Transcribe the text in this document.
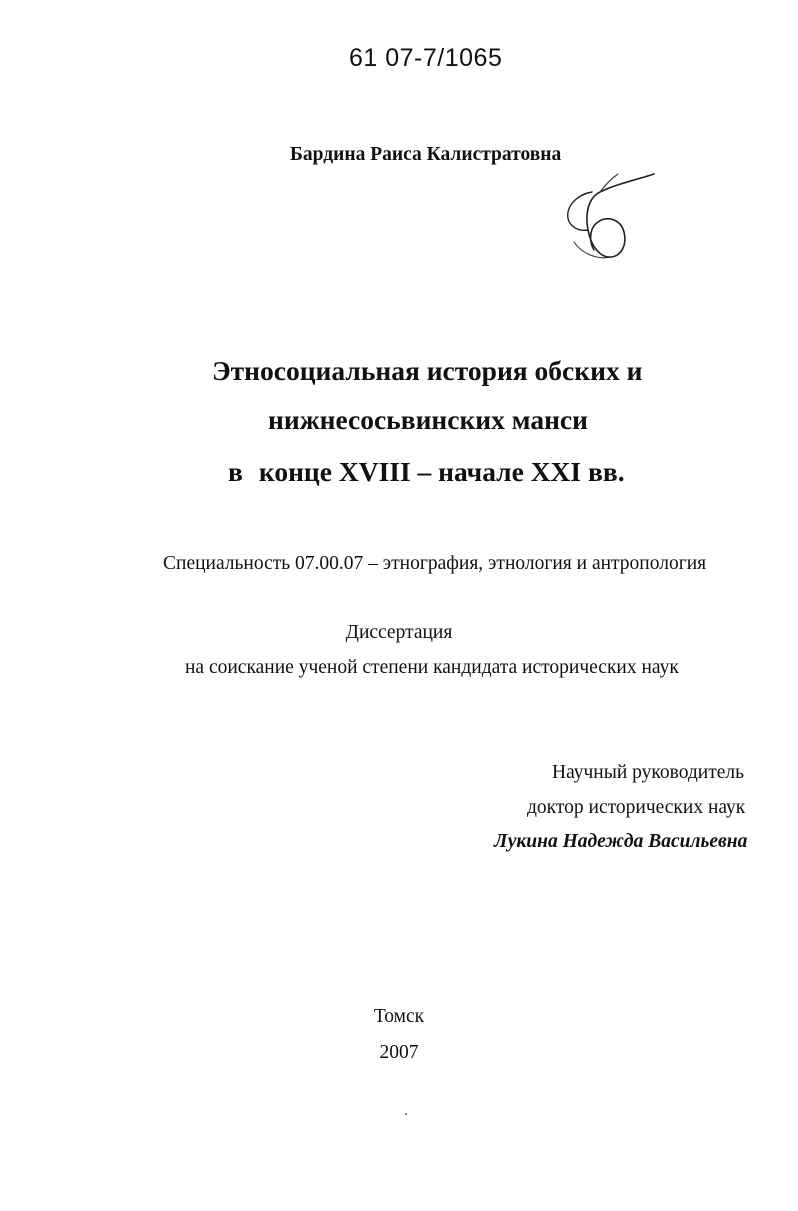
61 07-7/1065
Бардина Раиса Калистратовна
Этносоциальная история обских и
нижнесосьвинских манси
в конце XVIII – начале XXI вв.
Специальность 07.00.07 – этнография, этнология и антропология
Диссертация
на соискание ученой степени кандидата исторических наук
Научный руководитель
доктор исторических наук
Лукина Надежда Васильевна
Томск
2007
